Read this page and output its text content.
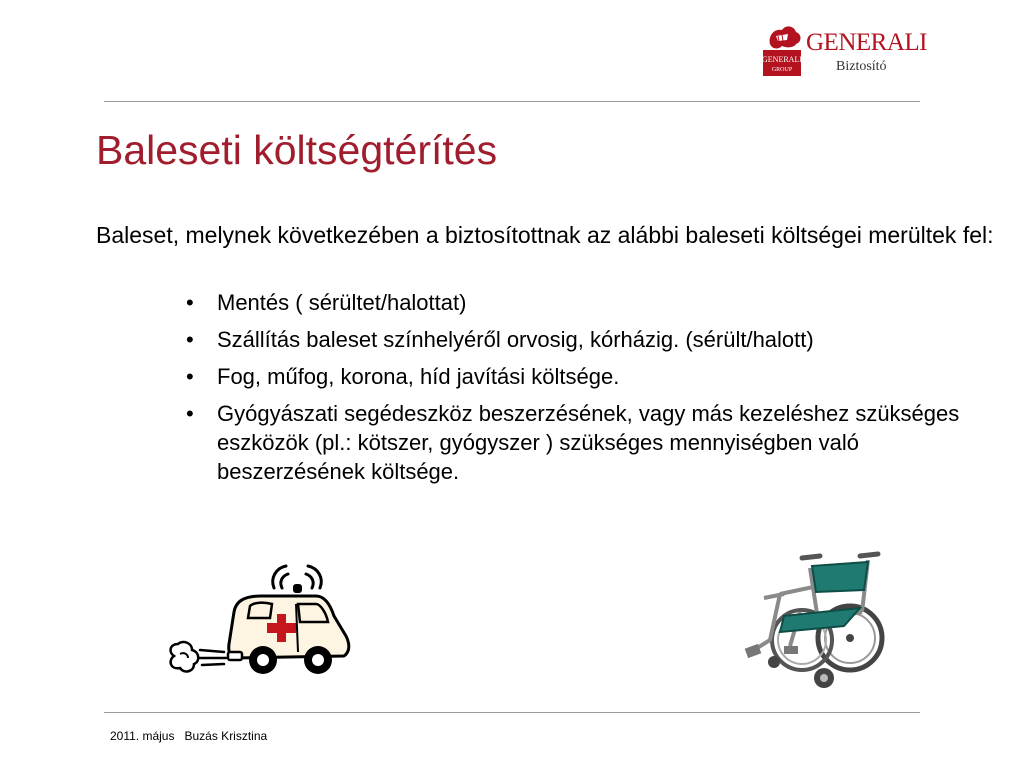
GENERALI
GROUP
GENERALI
Biztosító
Baleseti költségtérítés

Baleset, melynek következében a biztosítottnak az alábbi baleseti költségei merültek fel:

• Mentés ( sérültet/halottat)
• Szállítás baleset színhelyéről orvosig, kórházig. (sérült/halott)
• Fog, műfog, korona, híd javítási költsége.
• Gyógyászati segédeszköz beszerzésének, vagy más kezeléshez szükséges eszközök (pl.: kötszer, gyógyszer ) szükséges mennyiségben való beszerzésének költsége.
2011. május Buzás Krisztina
